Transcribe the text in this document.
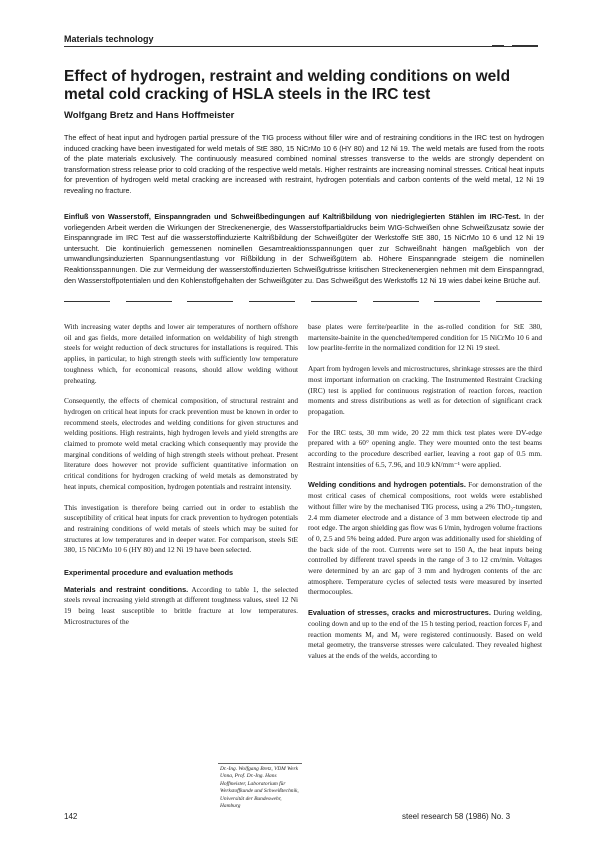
Materials technology
Effect of hydrogen, restraint and welding conditions on weld metal cold cracking of HSLA steels in the IRC test
Wolfgang Bretz and Hans Hoffmeister
The effect of heat input and hydrogen partial pressure of the TIG process without filler wire and of restraining conditions in the IRC test on hydrogen induced cracking have been investigated for weld metals of StE 380, 15 NiCrMo 10 6 (HY 80) and 12 Ni 19. The weld metals are fused from the roots of the plate materials exclusively. The continuously measured combined nominal stresses transverse to the welds are strongly dependent on transformation stress release prior to cold cracking of the respective weld metals. Higher restraints are increasing nominal stresses. Critical heat inputs for prevention of hydrogen weld metal cracking are increased with restraint, hydrogen potentials and carbon contents of the weld metal, 12 Ni 19 revealing no fracture.
Einfluß von Wasserstoff, Einspanngraden und Schweißbedingungen auf Kaltrißbildung von niedriglegierten Stählen im IRC-Test. In der vorliegenden Arbeit werden die Wirkungen der Streckenenergie, des Wasserstoffpartialdrucks beim WIG-Schweißen ohne Schweißzusatz sowie der Einspanngrade im IRC Test auf die wasserstoffinduzierte Kaltrißbildung der Schweißgüter der Werkstoffe StE 380, 15 NiCrMo 10 6 und 12 Ni 19 untersucht. Die kontinuierlich gemessenen nominellen Gesamtreaktionsspannungen quer zur Schweißnaht hängen maßgeblich von der umwandlungsinduzierten Spannungsentlastung vor Rißbildung in der Schweißgütern ab. Höhere Einspanngrade steigern die nominellen Reaktionsspannungen. Die zur Vermeidung der wasserstoffinduzierten Schweißgutrisse kritischen Streckenenergien nehmen mit dem Einspanngrad, den Wasserstoffpotentialen und den Kohlenstoffgehalten der Schweißgüter zu. Das Schweißgut des Werkstoffs 12 Ni 19 wies dabei keine Brüche auf.

With increasing water depths and lower air temperatures of northern offshore oil and gas fields, more detailed information on weldability of high strength steels for weight reduction of deck structures for installations is required. This applies, in particular, to high strength steels with sufficiently low temperature toughness which, for economical reasons, should allow welding without preheating.

Consequently, the effects of chemical composition, of structural restraint and hydrogen on critical heat inputs for crack prevention must be known in order to recommend steels, electrodes and welding conditions for given structures and welding positions. High restraints, high hydrogen levels and yield strengths are claimed to promote weld metal cracking which consequently may provide the marginal conditions of welding of high strength steels without preheat. Present literature does however not provide sufficient quantitative information on critical conditions for hydrogen cracking of weld metals as demonstrated by heat inputs, chemical composition, hydrogen potentials and restraint intensity.

This investigation is therefore being carried out in order to establish the susceptibility of critical heat inputs for crack prevention to hydrogen potentials and restraining conditions of weld metals of steels which may be suited for structures at low temperatures and in deeper water. For comparison, steels StE 380, 15 NiCrMo 10 6 (HY 80) and 12 Ni 19 have been selected.

Experimental procedure and evaluation methods

Materials and restraint conditions. According to table 1, the selected steels reveal increasing yield strength at different toughness values, steel 12 Ni 19 being least susceptible to brittle fracture at low temperatures. Microstructures of the

Dr.-Ing. Wolfgang Bretz, VDM Werk Unna, Prof. Dr.-Ing. Hans Hoffmeister, Laboratorium für Werkstoffkunde und Schweißtechnik, Universität der Bundeswehr, Hamburg

base plates were ferrite/pearlite in the as-rolled condition for StE 380, martensite-bainite in the quenched/tempered condition for 15 NiCrMo 10 6 and low pearlite-ferrite in the normalized condition for 12 Ni 19 steel.

Apart from hydrogen levels and microstructures, shrinkage stresses are the third most important information on cracking. The Instrumented Restraint Cracking (IRC) test is applied for continuous registration of reaction forces, reaction moments and stress distributions as well as for detection of significant crack propagation.

For the IRC tests, 30 mm wide, 20 22 mm thick test plates were DV-edge prepared with a 60° opening angle. They were mounted onto the test beams according to the procedure described earlier, leaving a root gap of 0.5 mm. Restraint intensities of 6.5, 7.96, and 10.9 kN/mm⁻¹ were applied.

Welding conditions and hydrogen potentials. For demonstration of the most critical cases of chemical compositions, root welds were established without filler wire by the mechanised TIG process, using a 2% ThO₂-tungsten, 2.4 mm diameter electrode and a distance of 3 mm between electrode tip and root edge. The argon shielding gas flow was 6 l/min, hydrogen volume fractions of 0, 2.5 and 5% being added. Pure argon was additionally used for shielding of the back side of the root. Currents were set to 150 A, the heat inputs being controlled by different travel speeds in the range of 3 to 12 cm/min. Voltages were determined by an arc gap of 3 mm and hydrogen contents of the arc atmosphere. Temperature cycles of selected tests were measured by inserted thermocouples.

Evaluation of stresses, cracks and microstructures. During welding, cooling down and up to the end of the 15 h testing period, reaction forces Fᵧ and reaction moments Mᵧ and Mᵧ were registered continuously. Based on weld metal geometry, the transverse stresses were calculated. They revealed highest values at the ends of the welds, according to

142	steel research 58 (1986) No. 3
